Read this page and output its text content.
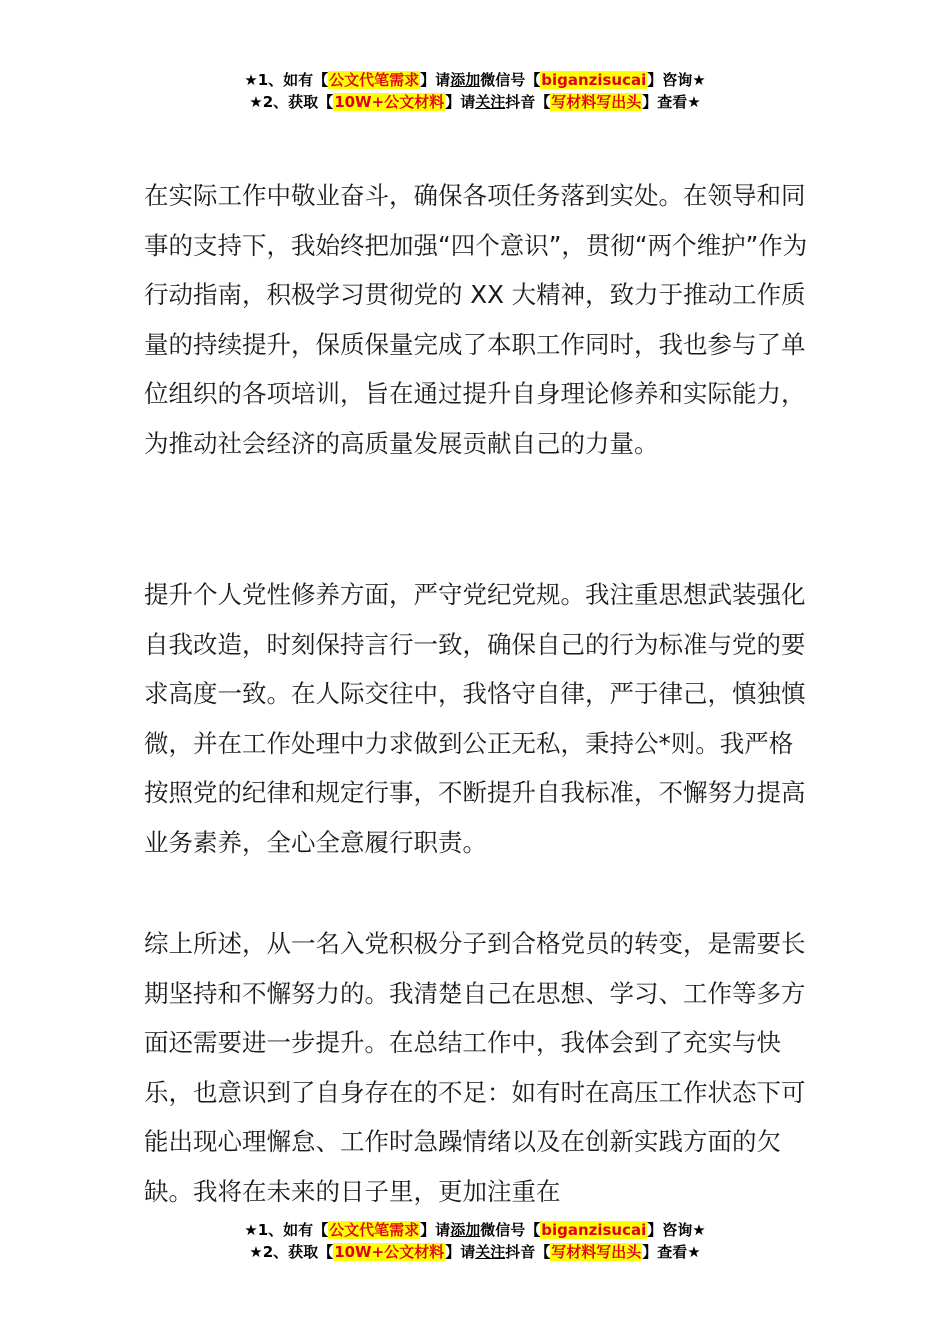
★1、如有【公文代笔需求】请添加微信号【biganzisucai】咨询★
★2、获取【10W+公文材料】请关注抖音【写材料写出头】查看★

在实际工作中敬业奋斗，确保各项任务落到实处。在领导和同事的支持下，我始终把加强“四个意识”，贯彻“两个维护”作为行动指南，积极学习贯彻党的 XX 大精神，致力于推动工作质量的持续提升，保质保量完成了本职工作同时，我也参与了单位组织的各项培训，旨在通过提升自身理论修养和实际能力，为推动社会经济的高质量发展贡献自己的力量。

提升个人党性修养方面，严守党纪党规。我注重思想武装强化自我改造，时刻保持言行一致，确保自己的行为标准与党的要求高度一致。在人际交往中，我恪守自律，严于律己，慎独慎微，并在工作处理中力求做到公正无私，秉持公*则。我严格按照党的纪律和规定行事，不断提升自我标准，不懈努力提高业务素养，全心全意履行职责。

综上所述，从一名入党积极分子到合格党员的转变，是需要长期坚持和不懈努力的。我清楚自己在思想、学习、工作等多方面还需要进一步提升。在总结工作中，我体会到了充实与快乐，也意识到了自身存在的不足：如有时在高压工作状态下可能出现心理懈怠、工作时急躁情绪以及在创新实践方面的欠缺。我将在未来的日子里，更加注重在

★1、如有【公文代笔需求】请添加微信号【biganzisucai】咨询★
★2、获取【10W+公文材料】请关注抖音【写材料写出头】查看★
